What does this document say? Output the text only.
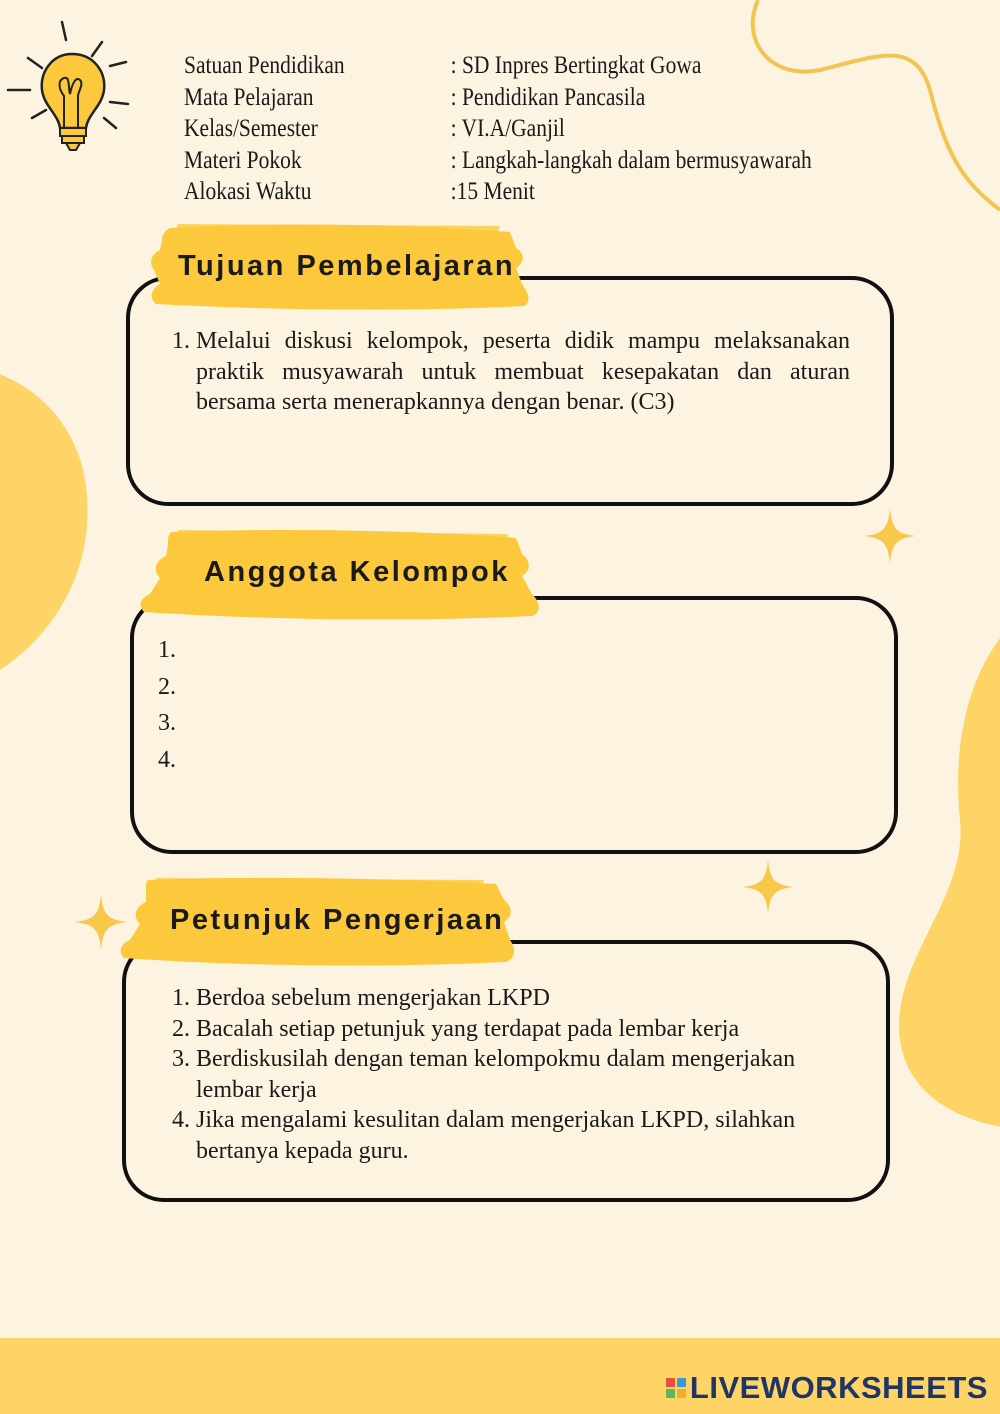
Satuan Pendidikan	: SD Inpres Bertingkat Gowa
Mata Pelajaran	: Pendidikan Pancasila
Kelas/Semester	: VI.A/Ganjil
Materi Pokok	: Langkah-langkah dalam bermusyawarah
Alokasi Waktu	:15 Menit
Tujuan Pembelajaran
1. Melalui diskusi kelompok, peserta didik mampu melaksanakan praktik musyawarah untuk membuat kesepakatan dan aturan bersama serta menerapkannya dengan benar. (C3)
Anggota Kelompok
1.
2.
3.
4.
Petunjuk Pengerjaan
1. Berdoa sebelum mengerjakan LKPD
2. Bacalah setiap petunjuk yang terdapat pada lembar kerja
3. Berdiskusilah dengan teman kelompokmu dalam mengerjakan lembar kerja
4. Jika mengalami kesulitan dalam mengerjakan LKPD, silahkan bertanya kepada guru.
LIVEWORKSHEETS
